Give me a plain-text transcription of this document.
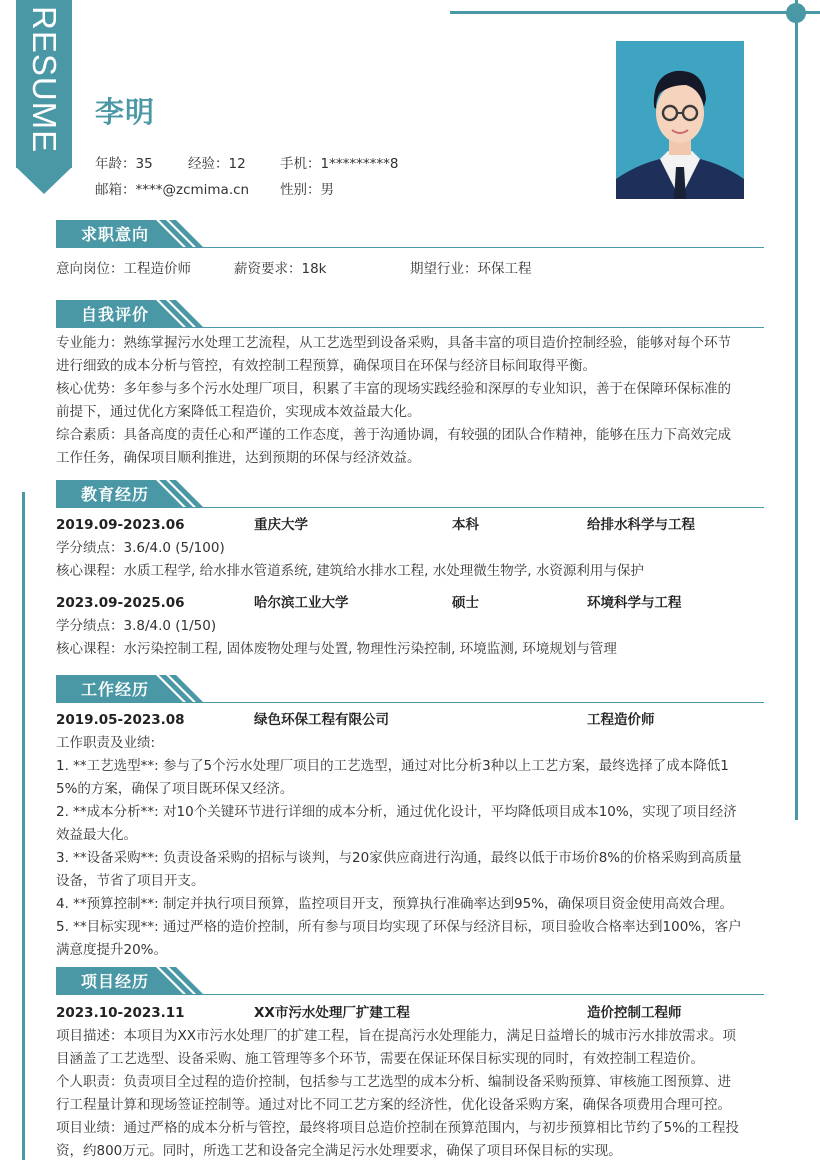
RESUME 李明
年龄：35	经验：12	手机：1*********8
邮箱：****@zcmima.cn	性别：男
求职意向
意向岗位：工程造价师	薪资要求：18k	期望行业：环保工程
自我评价
专业能力：熟练掌握污水处理工艺流程，从工艺选型到设备采购，具备丰富的项目造价控制经验，能够对每个环节
进行细致的成本分析与管控，有效控制工程预算，确保项目在环保与经济目标间取得平衡。
核心优势：多年参与多个污水处理厂项目，积累了丰富的现场实践经验和深厚的专业知识，善于在保障环保标准的
前提下，通过优化方案降低工程造价，实现成本效益最大化。
综合素质：具备高度的责任心和严谨的工作态度，善于沟通协调，有较强的团队合作精神，能够在压力下高效完成
工作任务，确保项目顺利推进，达到预期的环保与经济效益。
教育经历
2019.09-2023.06	重庆大学	本科	给排水科学与工程
学分绩点：3.6/4.0 (5/100)
核心课程：水质工程学, 给水排水管道系统, 建筑给水排水工程, 水处理微生物学, 水资源利用与保护
2023.09-2025.06	哈尔滨工业大学	硕士	环境科学与工程
学分绩点：3.8/4.0 (1/50)
核心课程：水污染控制工程, 固体废物处理与处置, 物理性污染控制, 环境监测, 环境规划与管理
工作经历
2019.05-2023.08	绿色环保工程有限公司	工程造价师
工作职责及业绩:
1. **工艺选型**: 参与了5个污水处理厂项目的工艺选型，通过对比分析3种以上工艺方案，最终选择了成本降低1
5%的方案，确保了项目既环保又经济。
2. **成本分析**: 对10个关键环节进行详细的成本分析，通过优化设计，平均降低项目成本10%，实现了项目经济
效益最大化。
3. **设备采购**: 负责设备采购的招标与谈判，与20家供应商进行沟通，最终以低于市场价8%的价格采购到高质量
设备，节省了项目开支。
4. **预算控制**: 制定并执行项目预算，监控项目开支，预算执行准确率达到95%，确保项目资金使用高效合理。
5. **目标实现**: 通过严格的造价控制，所有参与项目均实现了环保与经济目标，项目验收合格率达到100%，客户
满意度提升20%。
项目经历
2023.10-2023.11	XX市污水处理厂扩建工程	造价控制工程师
项目描述：本项目为XX市污水处理厂的扩建工程，旨在提高污水处理能力，满足日益增长的城市污水排放需求。项
目涵盖了工艺选型、设备采购、施工管理等多个环节，需要在保证环保目标实现的同时，有效控制工程造价。
个人职责：负责项目全过程的造价控制，包括参与工艺选型的成本分析、编制设备采购预算、审核施工图预算、进
行工程量计算和现场签证控制等。通过对比不同工艺方案的经济性，优化设备采购方案，确保各项费用合理可控。
项目业绩：通过严格的成本分析与管控，最终将项目总造价控制在预算范围内，与初步预算相比节约了5%的工程投
资，约800万元。同时，所选工艺和设备完全满足污水处理要求，确保了项目环保目标的实现。
